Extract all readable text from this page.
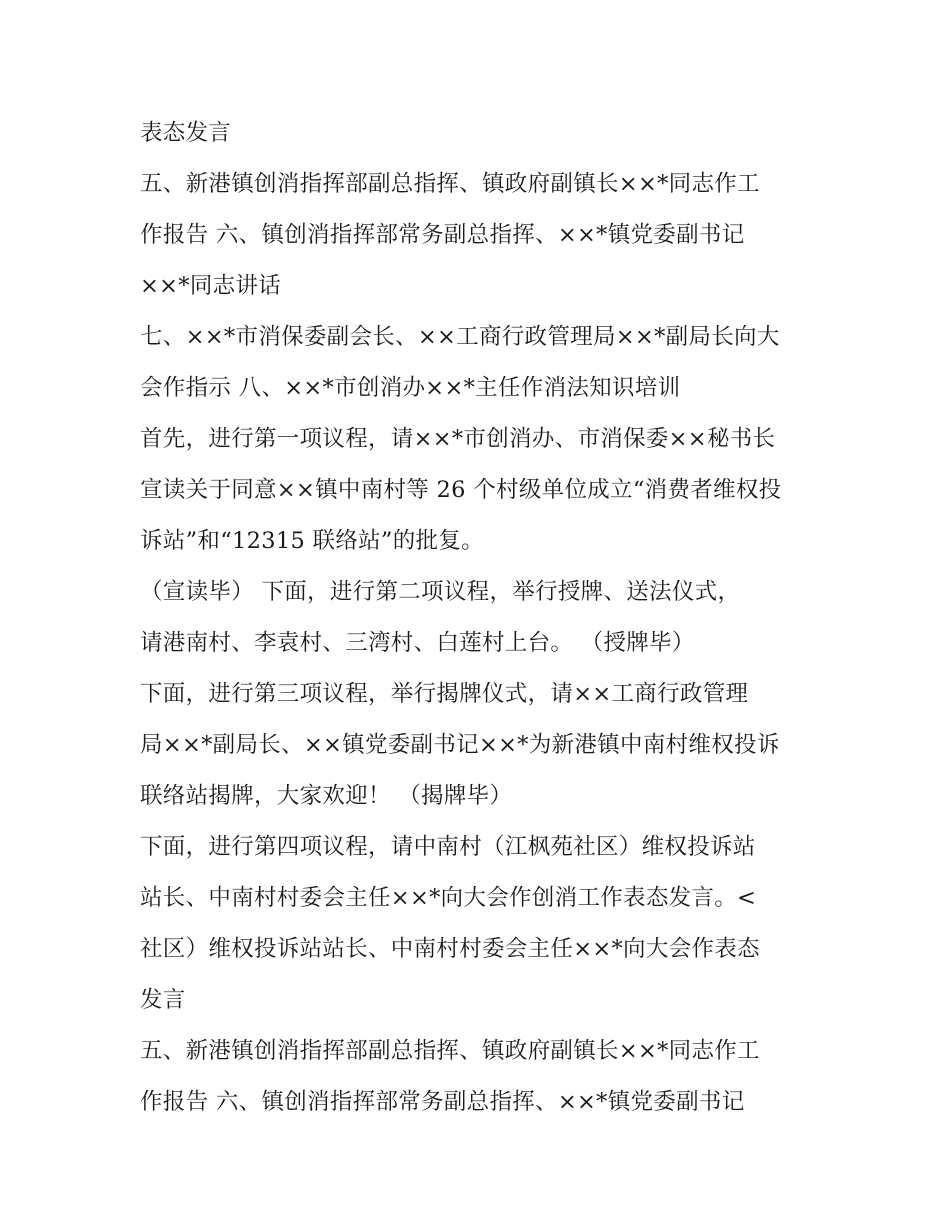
表态发言
五、新港镇创消指挥部副总指挥、镇政府副镇长××*同志作工
作报告 六、镇创消指挥部常务副总指挥、××*镇党委副书记
××*同志讲话
七、××*市消保委副会长、××工商行政管理局××*副局长向大
会作指示 八、××*市创消办××*主任作消法知识培训
首先，进行第一项议程，请××*市创消办、市消保委××秘书长
宣读关于同意××镇中南村等 26 个村级单位成立“消费者维权投
诉站”和“12315 联络站”的批复。
（宣读毕） 下面，进行第二项议程，举行授牌、送法仪式，
请港南村、李袁村、三湾村、白莲村上台。 （授牌毕）
下面，进行第三项议程，举行揭牌仪式，请××工商行政管理
局××*副局长、××镇党委副书记××*为新港镇中南村维权投诉
联络站揭牌，大家欢迎！ （揭牌毕）
下面，进行第四项议程，请中南村（江枫苑社区）维权投诉站
站长、中南村村委会主任××*向大会作创消工作表态发言。<
社区）维权投诉站站长、中南村村委会主任××*向大会作表态
发言
五、新港镇创消指挥部副总指挥、镇政府副镇长××*同志作工
作报告 六、镇创消指挥部常务副总指挥、××*镇党委副书记
